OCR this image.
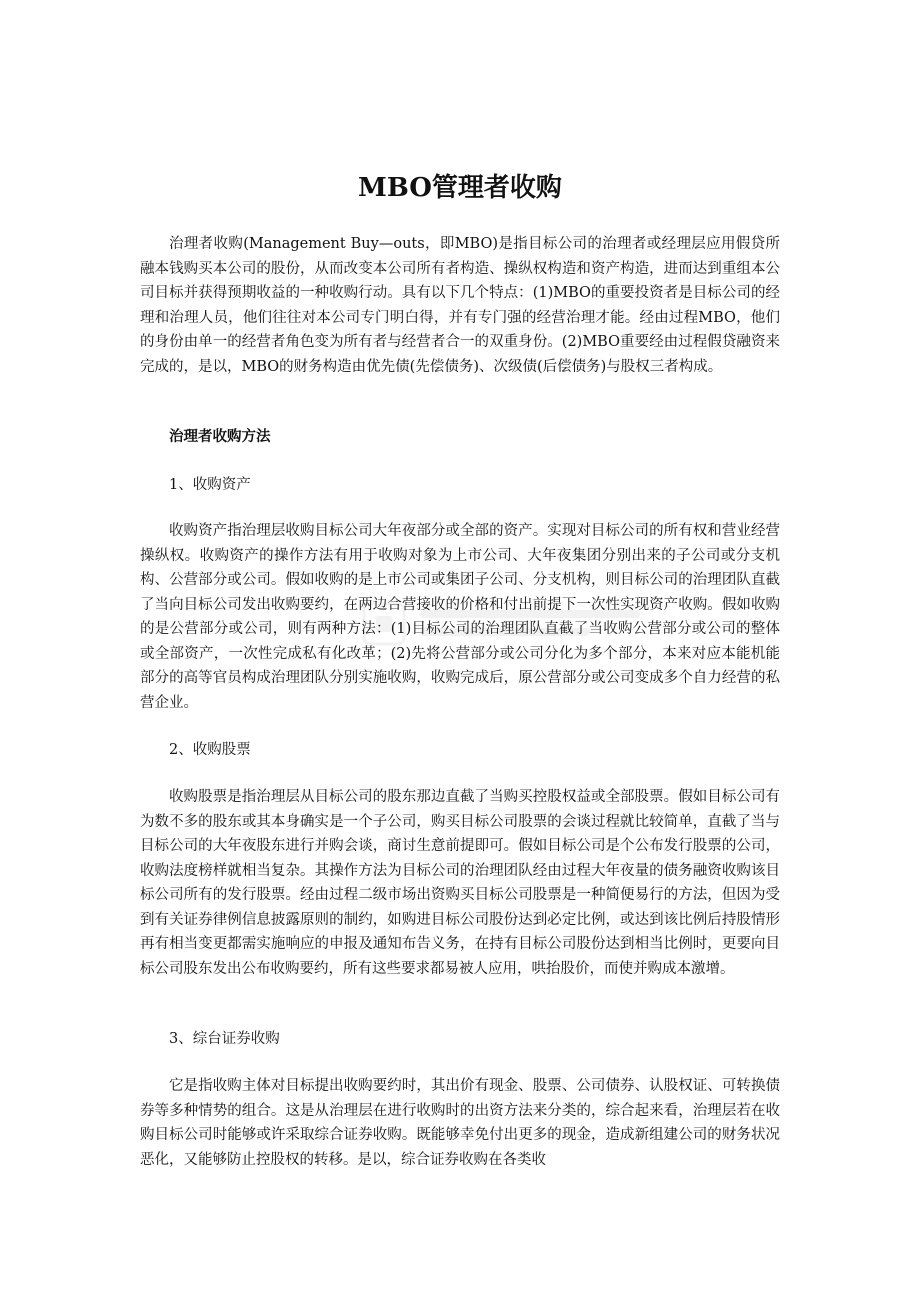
MBO管理者收购

治理者收购(Management Buy—outs，即MBO)是指目标公司的治理者或经理层应用假贷所融本钱购买本公司的股份，从而改变本公司所有者构造、操纵权构造和资产构造，进而达到重组本公司目标并获得预期收益的一种收购行动。具有以下几个特点：(1)MBO的重要投资者是目标公司的经理和治理人员，他们往往对本公司专门明白得，并有专门强的经营治理才能。经由过程MBO，他们的身份由单一的经营者角色变为所有者与经营者合一的双重身份。(2)MBO重要经由过程假贷融资来完成的，是以，MBO的财务构造由优先债(先偿债务)、次级债(后偿债务)与股权三者构成。

治理者收购方法

1、收购资产

收购资产指治理层收购目标公司大年夜部分或全部的资产。实现对目标公司的所有权和营业经营操纵权。收购资产的操作方法有用于收购对象为上市公司、大年夜集团分别出来的子公司或分支机构、公营部分或公司。假如收购的是上市公司或集团子公司、分支机构，则目标公司的治理团队直截了当向目标公司发出收购要约，在两边合营接收的价格和付出前提下一次性实现资产收购。假如收购的是公营部分或公司，则有两种方法：(1)目标公司的治理团队直截了当收购公营部分或公司的整体或全部资产，一次性完成私有化改革；(2)先将公营部分或公司分化为多个部分，本来对应本能机能部分的高等官员构成治理团队分别实施收购，收购完成后，原公营部分或公司变成多个自力经营的私营企业。

2、收购股票

收购股票是指治理层从目标公司的股东那边直截了当购买控股权益或全部股票。假如目标公司有为数不多的股东或其本身确实是一个子公司，购买目标公司股票的会谈过程就比较简单，直截了当与目标公司的大年夜股东进行并购会谈，商讨生意前提即可。假如目标公司是个公布发行股票的公司，收购法度榜样就相当复杂。其操作方法为目标公司的治理团队经由过程大年夜量的债务融资收购该目标公司所有的发行股票。经由过程二级市场出资购买目标公司股票是一种简便易行的方法，但因为受到有关证券律例信息披露原则的制约，如购进目标公司股份达到必定比例，或达到该比例后持股情形再有相当变更都需实施响应的申报及通知布告义务，在持有目标公司股份达到相当比例时，更要向目标公司股东发出公布收购要约，所有这些要求都易被人应用，哄抬股价，而使并购成本激增。

3、综台证券收购

它是指收购主体对目标提出收购要约时，其出价有现金、股票、公司债券、认股权证、可转换债券等多种情势的组合。这是从治理层在进行收购时的出资方法来分类的，综合起来看，治理层若在收购目标公司时能够或许采取综合证券收购。既能够幸免付出更多的现金，造成新组建公司的财务状况恶化，又能够防止控股权的转移。是以，综合证券收购在各类收
